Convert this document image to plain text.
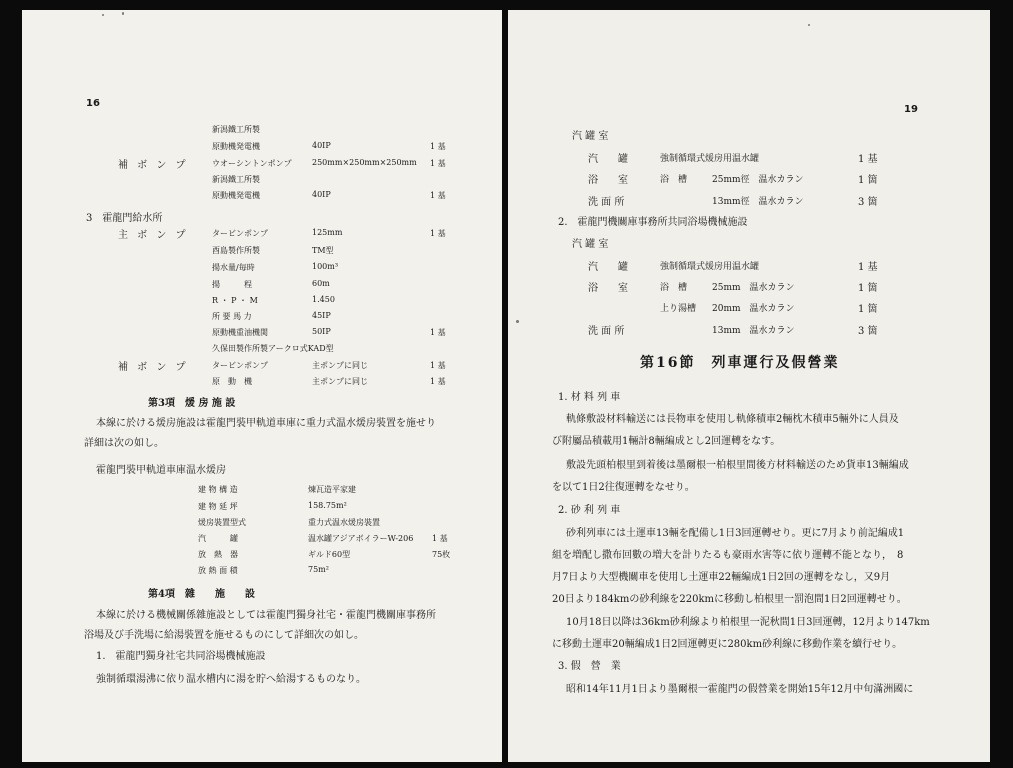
16
新潟鐵工所製
原動機発電機	40IP	1 基
補 ボ ン プ	ウオーシントンポンプ	250mm×250mm×250mm 1 基
新潟鐵工所製
原動機発電機	40IP	1 基
3　霍龍門給水所
主 ボ ン プ	タービンポンプ	125mm	1 基
酉島製作所製	TM型
揚水量/毎時	100m³
揚　　　程	60m
R ・ P ・ M	1.450
所 要 馬 力	45IP
原動機重油機関	50IP	1 基
久保田製作所製アークロ式KAD型
補 ボ ン プ	タービンポンプ	主ポンプに同じ	1 基
原　動　機	主ポンプに同じ	1 基
第3項　煖 房 施 設
本線に於ける煖房施設は霍龍門裝甲軌道車庫に重力式温水煖房裝置を施せり
詳細は次の如し。
霍龍門裝甲軌道車庫温水煖房
建 物 構 造	煉瓦造平家建
建 物 延 坪	158.75m²
煖房裝置型式	重力式温水煖房裝置
汽　　　罐	温水罐アジアボイラーW-206 1 基
放　熱　器	ギルド60型	75枚
放 熱 面 積	75m²
第4項　雜　　施　　設
本線に於ける機械關係雜施設としては霍龍門獨身社宅・霍龍門機關庫事務所
浴場及び手洗場に給湯裝置を施せるものにして詳細次の如し。
1.　霍龍門獨身社宅共同浴場機械施設
強制循環湯沸に依り温水槽内に湯を貯へ給湯するものなり。
19
汽 罐 室
汽　　罐	強制循環式煖房用温水罐	1 基
浴　　室	浴　槽	25mm徑　温水カラン	1 箇
洗 面 所	13mm徑　温水カラン	3 箇
2.　霍龍門機關庫事務所共同浴場機械施設
汽 罐 室
汽　　罐	強制循環式煖房用温水罐	1 基
浴　　室	浴　槽	25mm　温水カラン	1 箇
上り湯槽 20mm　温水カラン	1 箇
洗 面 所	13mm　温水カラン	3 箇
第16節　列車運行及假營業
1. 材 料 列 車
軌條敷設材料輸送には長物車を使用し軌條積車2輛枕木積車5輛外に人員及
び附屬品積載用1輛計8輛編成とし2回運轉をなす。
敷設先頭柏根里到着後は墨爾根一柏根里間後方材料輸送のため貨車13輛編成
を以て1日2往復運轉をなせり。
2. 砂 利 列 車
砂利列車には土運車13輛を配備し1日3回運轉せり。更に7月より前記編成1
組を増配し撒布回數の増大を計りたるも豪雨水害等に依り運轉不能となり，　8
月7日より大型機關車を使用し土運車22輛編成1日2回の運轉をなし，又9月
20日より184kmの砂利線を220kmに移動し柏根里一罰泡間1日2回運轉せり。
10月18日以降は36km砂利線より柏根里一泥秋間1日3回運轉，12月より147km
に移動土運車20輛編成1日2回運轉更に280km砂利線に移動作業を續行せり。
3. 假　營　業
昭和14年11月1日より墨爾根一霍龍門の假營業を開始15年12月中旬滿洲國に
